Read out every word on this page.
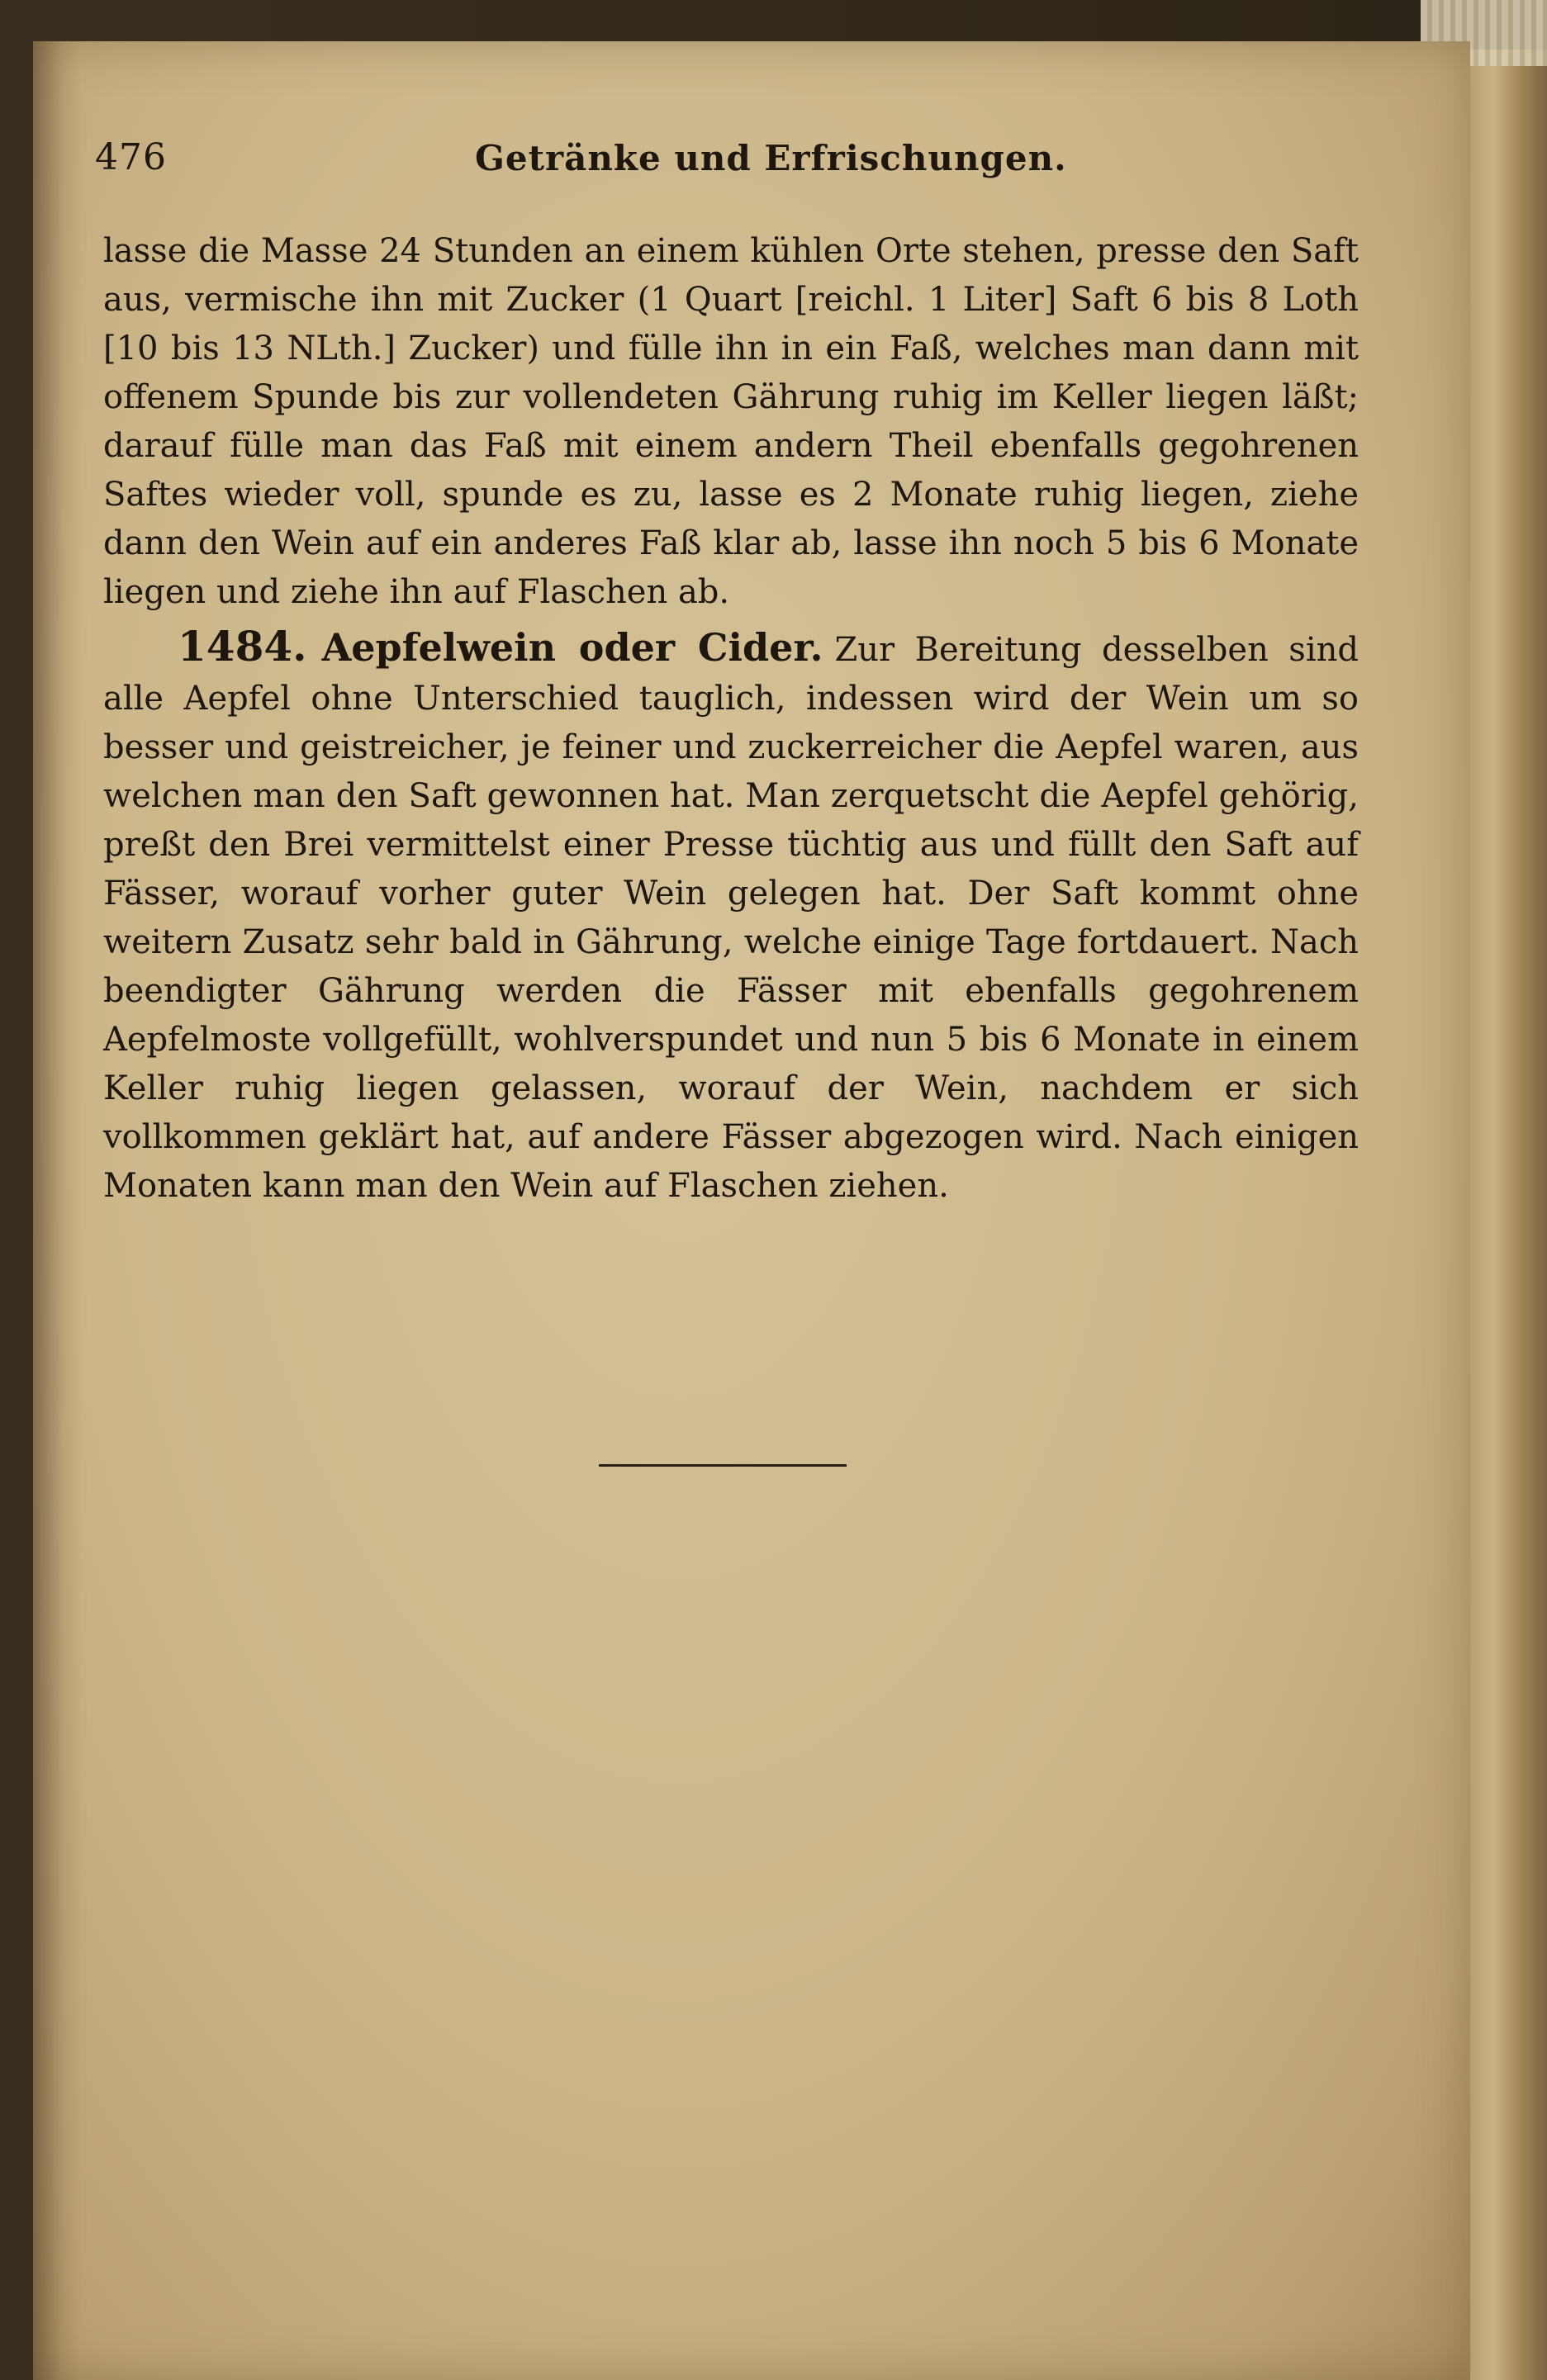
476	Getränke und Erfrischungen.

lasse die Masse 24 Stunden an einem kühlen Orte stehen, presse den Saft aus, vermische ihn mit Zucker (1 Quart [reichl. 1 Liter] Saft 6 bis 8 Loth [10 bis 13 NLth.] Zucker) und fülle ihn in ein Faß, welches man dann mit offenem Spunde bis zur vollendeten Gährung ruhig im Keller liegen läßt; darauf fülle man das Faß mit einem andern Theil ebenfalls gegohrenen Saftes wieder voll, spunde es zu, lasse es 2 Monate ruhig liegen, ziehe dann den Wein auf ein anderes Faß klar ab, lasse ihn noch 5 bis 6 Monate liegen und ziehe ihn auf Flaschen ab.

1484. Aepfelwein oder Cider. Zur Bereitung desselben sind alle Aepfel ohne Unterschied tauglich, indessen wird der Wein um so besser und geistreicher, je feiner und zuckerreicher die Aepfel waren, aus welchen man den Saft gewonnen hat. Man zerquetscht die Aepfel gehörig, preßt den Brei vermittelst einer Presse tüchtig aus und füllt den Saft auf Fässer, worauf vorher guter Wein gelegen hat. Der Saft kommt ohne weitern Zusatz sehr bald in Gährung, welche einige Tage fortdauert. Nach beendigter Gährung werden die Fässer mit ebenfalls gegohrenem Aepfelmoste vollgefüllt, wohlverspundet und nun 5 bis 6 Monate in einem Keller ruhig liegen gelassen, worauf der Wein, nachdem er sich vollkommen geklärt hat, auf andere Fässer abgezogen wird. Nach einigen Monaten kann man den Wein auf Flaschen ziehen.
